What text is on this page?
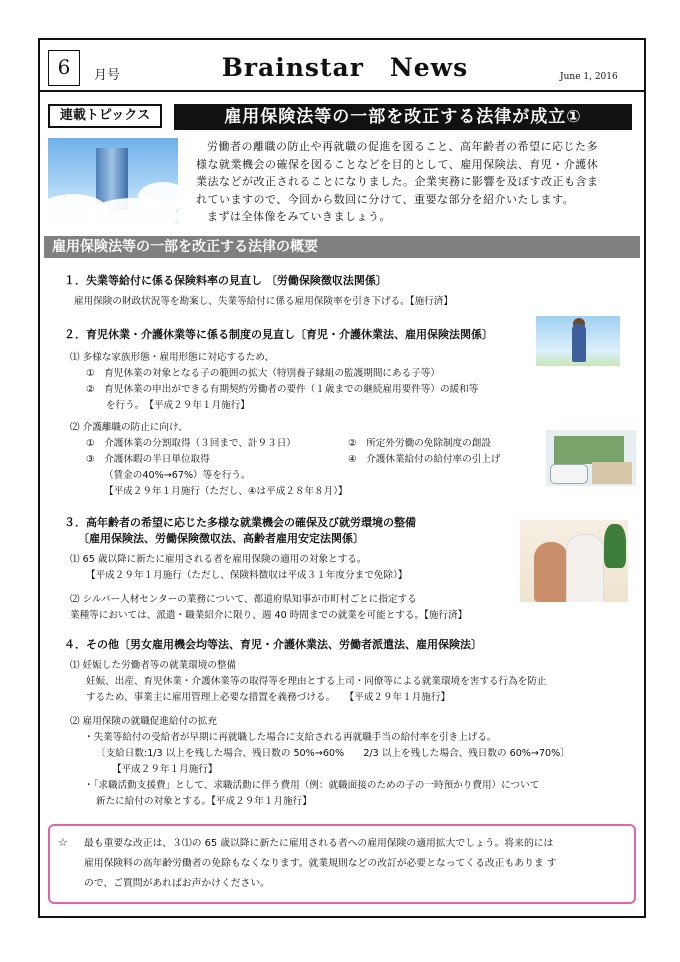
6	月号	Brainstar　News	June 1, 2016
連載トピックス	雇用保険法等の一部を改正する法律が成立①

労働者の離職の防止や再就職の促進を図ること、高年齢者の希望に応じた多

様な就業機会の確保を図ることなどを目的として、雇用保険法、育児・介護休

業法などが改正されることになりました。企業実務に影響を及ぼす改正も含ま

れていますので、今回から数回に分けて、重要な部分を紹介いたします。

まずは全体像をみていきましょう。

雇用保険法等の一部を改正する法律の概要
１．失業等給付に係る保険料率の見直し 〔労働保険徴収法関係〕
雇用保険の財政状況等を勘案し、失業等給付に係る雇用保険率を引き下げる。【施行済】
２．育児休業・介護休業等に係る制度の見直し〔育児・介護休業法、雇用保険法関係〕
⑴ 多様な家族形態・雇用形態に対応するため、
①　育児休業の対象となる子の範囲の拡大（特別養子縁組の監護期間にある子等）
②　育児休業の申出ができる有期契約労働者の要件（１歳までの継続雇用要件等）の緩和等
を行う。　【平成２９年１月施行】
⑵ 介護離職の防止に向け、
①　介護休業の分割取得（３回まで、計９３日）	②　所定外労働の免除制度の創設
③　介護休暇の半日単位取得	④　介護休業給付の給付率の引上げ
（賃金の40%→67%）等を行う。
【平成２９年１月施行（ただし、④は平成２８年８月）】
３．高年齢者の希望に応じた多様な就業機会の確保及び就労環境の整備
〔雇用保険法、労働保険徴収法、高齢者雇用安定法関係〕
⑴ 65 歳以降に新たに雇用される者を雇用保険の適用の対象とする。
【平成２９年１月施行（ただし、保険料徴収は平成３１年度分まで免除）】
⑵ シルバー人材センターの業務について、都道府県知事が市町村ごとに指定する
業種等においては、派遣・職業紹介に限り、週 40 時間までの就業を可能とする。【施行済】
４．その他〔男女雇用機会均等法、育児・介護休業法、労働者派遣法、雇用保険法〕
⑴ 妊娠した労働者等の就業環境の整備
妊娠、出産、育児休業・介護休業等の取得等を理由とする上司・同僚等による就業環境を害する行為を防止
するため、事業主に雇用管理上必要な措置を義務づける。　　【平成２９年１月施行】
⑵ 雇用保険の就職促進給付の拡充
・失業等給付の受給者が早期に再就職した場合に支給される再就職手当の給付率を引き上げる。
〔支給日数:1/3 以上を残した場合、残日数の 50%→60%　　2/3 以上を残した場合、残日数の 60%→70%〕
【平成２９年１月施行】
・「求職活動支援費」として、求職活動に伴う費用（例：就職面接のための子の一時預かり費用）について
新たに給付の対象とする。【平成２９年１月施行】
☆ 最も重要な改正は、３⑴の 65 歳以降に新たに雇用される者への雇用保険の適用拡大でしょう。将来的には

雇用保険料の高年齢労働者の免除もなくなります。就業規則などの改訂が必要となってくる改正もありま す

ので、ご質問があればお声かけください。
